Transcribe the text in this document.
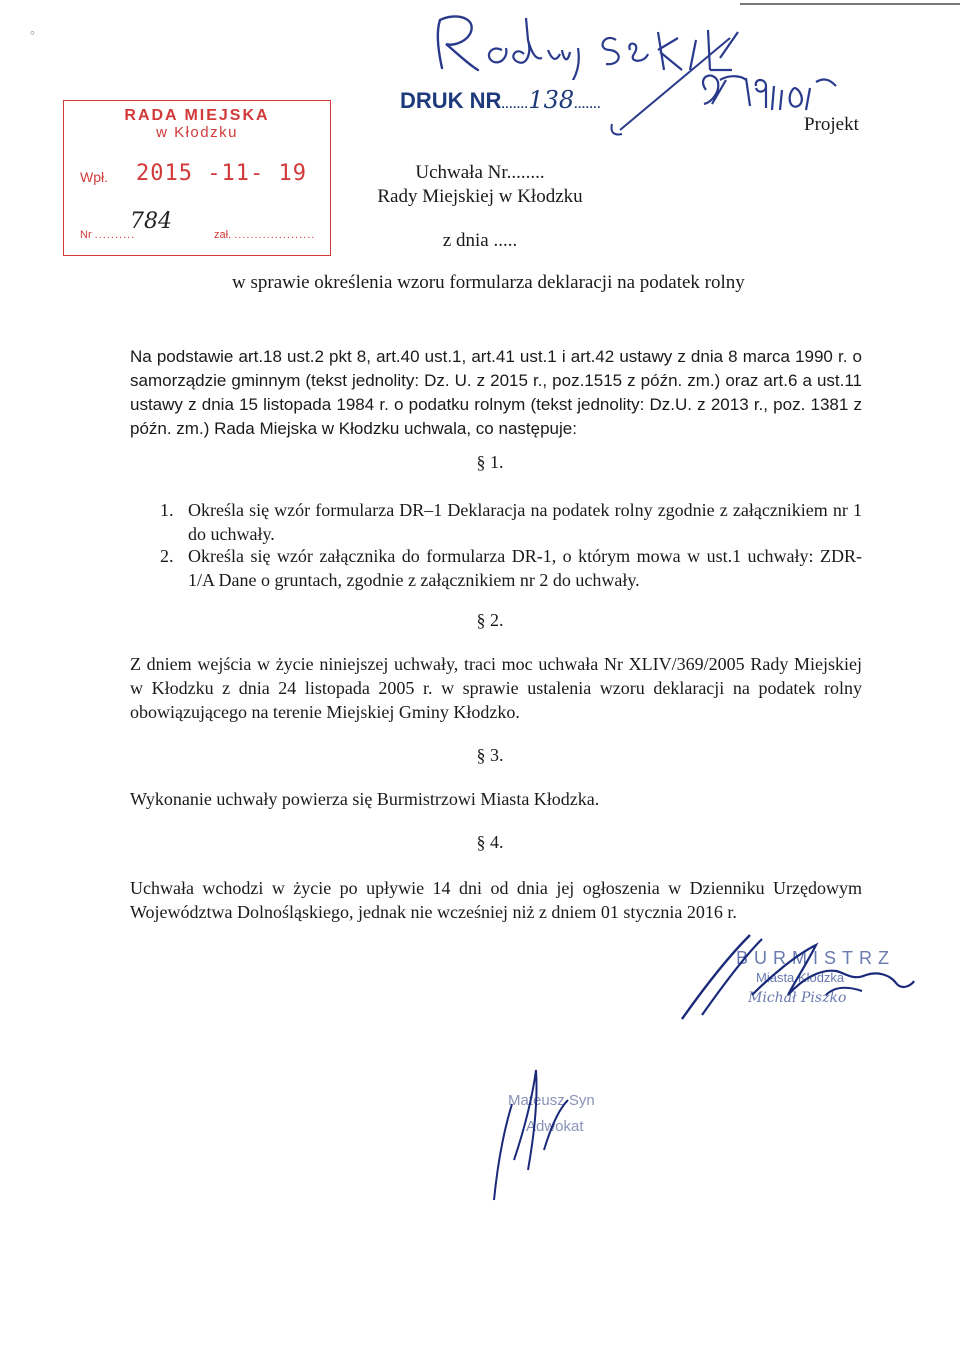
°
RADA MIEJSKA
w Kłodzku
Wpł. 2015 -11- 19
Nr ..........
784
zał. ....................
DRUK NR.......138.......
Projekt
Uchwała Nr........
Rady Miejskiej w Kłodzku
z dnia .....
w sprawie określenia wzoru formularza deklaracji na podatek rolny
Na podstawie art.18 ust.2 pkt 8, art.40 ust.1, art.41 ust.1 i art.42 ustawy z dnia 8 marca 1990 r. o samorządzie gminnym (tekst jednolity: Dz. U. z 2015 r., poz.1515 z późn. zm.) oraz art.6 a ust.11 ustawy z dnia 15 listopada 1984 r. o podatku rolnym (tekst jednolity: Dz.U. z 2013 r., poz. 1381 z późn. zm.) Rada Miejska w Kłodzku uchwala, co następuje:
§ 1.
1. Określa się wzór formularza DR–1 Deklaracja na podatek rolny zgodnie z załącznikiem nr 1 do uchwały.
2. Określa się wzór załącznika do formularza DR-1, o którym mowa w ust.1 uchwały: ZDR-1/A Dane o gruntach, zgodnie z załącznikiem nr 2 do uchwały.
§ 2.
Z dniem wejścia w życie niniejszej uchwały, traci moc uchwała Nr XLIV/369/2005 Rady Miejskiej w Kłodzku z dnia 24 listopada 2005 r. w sprawie ustalenia wzoru deklaracji na podatek rolny obowiązującego na terenie Miejskiej Gminy Kłodzko.
§ 3.
Wykonanie uchwały powierza się Burmistrzowi Miasta Kłodzka.
§ 4.
Uchwała wchodzi w życie po upływie 14 dni od dnia jej ogłoszenia w Dzienniku Urzędowym Województwa Dolnośląskiego, jednak nie wcześniej niż z dniem 01 stycznia 2016 r.
BURMISTRZ
Miasta Kłodzka
Michał Piszko
Mateusz Syn
Adwokat
